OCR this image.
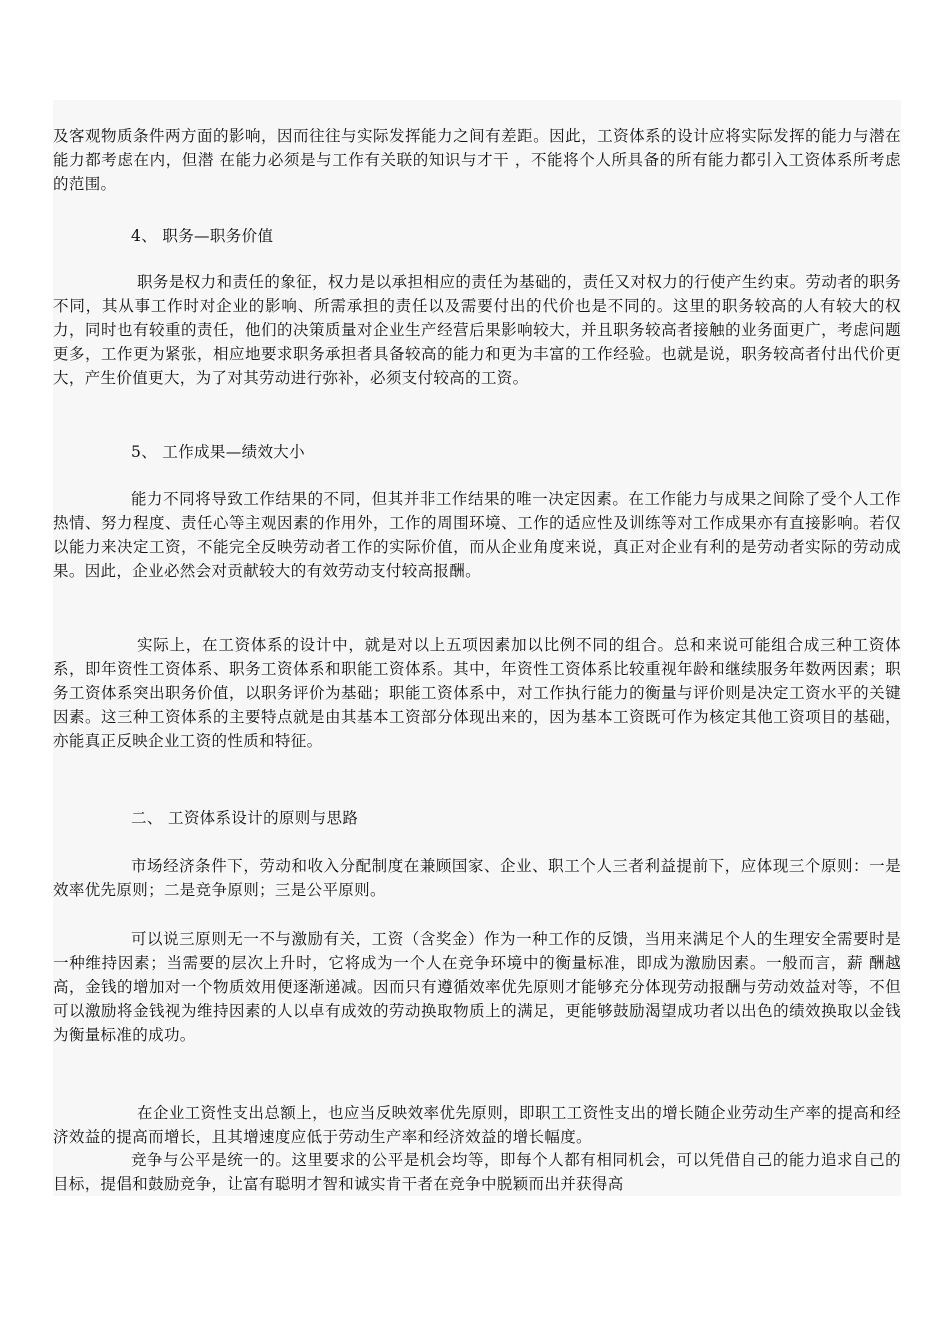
及客观物质条件两方面的影响，因而往往与实际发挥能力之间有差距。因此，工资体系的设计应将实际发挥的能力与潜在能力都考虑在内，但潜 在能力必须是与工作有关联的知识与才干 ，不能将个人所具备的所有能力都引入工资体系所考虑的范围。

4、 职务—职务价值

职务是权力和责任的象征，权力是以承担相应的责任为基础的，责任又对权力的行使产生约束。劳动者的职务不同，其从事工作时对企业的影响、所需承担的责任以及需要付出的代价也是不同的。这里的职务较高的人有较大的权力，同时也有较重的责任，他们的决策质量对企业生产经营后果影响较大，并且职务较高者接触的业务面更广，考虑问题更多，工作更为紧张，相应地要求职务承担者具备较高的能力和更为丰富的工作经验。也就是说，职务较高者付出代价更大，产生价值更大，为了对其劳动进行弥补，必须支付较高的工资。

5、 工作成果—绩效大小

能力不同将导致工作结果的不同，但其并非工作结果的唯一决定因素。在工作能力与成果之间除了受个人工作热情、努力程度、责任心等主观因素的作用外，工作的周围环境、工作的适应性及训练等对工作成果亦有直接影响。若仅以能力来决定工资，不能完全反映劳动者工作的实际价值，而从企业角度来说，真正对企业有利的是劳动者实际的劳动成果。因此，企业必然会对贡献较大的有效劳动支付较高报酬。

实际上，在工资体系的设计中，就是对以上五项因素加以比例不同的组合。总和来说可能组合成三种工资体系，即年资性工资体系、职务工资体系和职能工资体系。其中，年资性工资体系比较重视年龄和继续服务年数两因素；职务工资体系突出职务价值，以职务评价为基础；职能工资体系中，对工作执行能力的衡量与评价则是决定工资水平的关键因素。这三种工资体系的主要特点就是由其基本工资部分体现出来的，因为基本工资既可作为核定其他工资项目的基础，亦能真正反映企业工资的性质和特征。

二、 工资体系设计的原则与思路

市场经济条件下，劳动和收入分配制度在兼顾国家、企业、职工个人三者利益提前下，应体现三个原则：一是效率优先原则；二是竞争原则；三是公平原则。

可以说三原则无一不与激励有关，工资（含奖金）作为一种工作的反馈，当用来满足个人的生理安全需要时是一种维持因素；当需要的层次上升时，它将成为一个人在竞争环境中的衡量标准，即成为激励因素。一般而言，薪 酬越高，金钱的增加对一个物质效用便逐渐递减。因而只有遵循效率优先原则才能够充分体现劳动报酬与劳动效益对等，不但可以激励将金钱视为维持因素的人以卓有成效的劳动换取物质上的满足，更能够鼓励渴望成功者以出色的绩效换取以金钱为衡量标准的成功。

在企业工资性支出总额上，也应当反映效率优先原则，即职工工资性支出的增长随企业劳动生产率的提高和经济效益的提高而增长，且其增速度应低于劳动生产率和经济效益的增长幅度。

竞争与公平是统一的。这里要求的公平是机会均等，即每个人都有相同机会，可以凭借自己的能力追求自己的目标，提倡和鼓励竞争，让富有聪明才智和诚实肯干者在竞争中脱颖而出并获得高
